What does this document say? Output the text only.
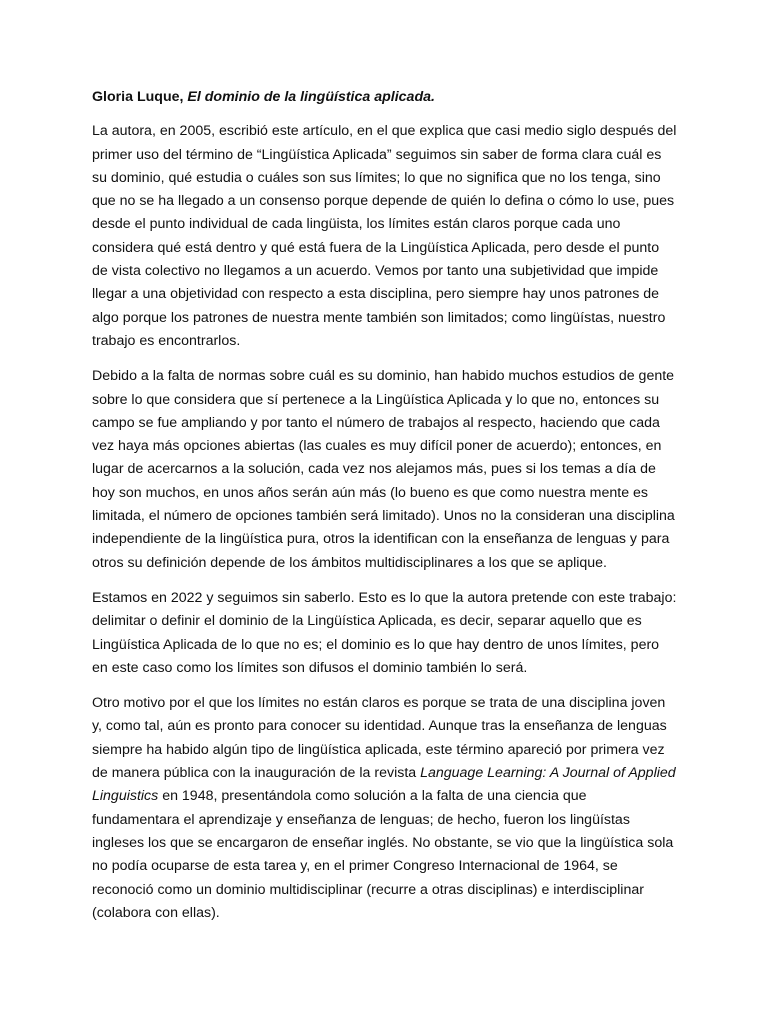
Gloria Luque, El dominio de la lingüística aplicada.

La autora, en 2005, escribió este artículo, en el que explica que casi medio siglo después del primer uso del término de “Lingüística Aplicada” seguimos sin saber de forma clara cuál es su dominio, qué estudia o cuáles son sus límites; lo que no significa que no los tenga, sino que no se ha llegado a un consenso porque depende de quién lo defina o cómo lo use, pues desde el punto individual de cada lingüista, los límites están claros porque cada uno considera qué está dentro y qué está fuera de la Lingüística Aplicada, pero desde el punto de vista colectivo no llegamos a un acuerdo. Vemos por tanto una subjetividad que impide llegar a una objetividad con respecto a esta disciplina, pero siempre hay unos patrones de algo porque los patrones de nuestra mente también son limitados; como lingüístas, nuestro trabajo es encontrarlos.

Debido a la falta de normas sobre cuál es su dominio, han habido muchos estudios de gente sobre lo que considera que sí pertenece a la Lingüística Aplicada y lo que no, entonces su campo se fue ampliando y por tanto el número de trabajos al respecto, haciendo que cada vez haya más opciones abiertas (las cuales es muy difícil poner de acuerdo); entonces, en lugar de acercarnos a la solución, cada vez nos alejamos más, pues si los temas a día de hoy son muchos, en unos años serán aún más (lo bueno es que como nuestra mente es limitada, el número de opciones también será limitado). Unos no la consideran una disciplina independiente de la lingüística pura, otros la identifican con la enseñanza de lenguas y para otros su definición depende de los ámbitos multidisciplinares a los que se aplique.

Estamos en 2022 y seguimos sin saberlo. Esto es lo que la autora pretende con este trabajo: delimitar o definir el dominio de la Lingüística Aplicada, es decir, separar aquello que es Lingüística Aplicada de lo que no es; el dominio es lo que hay dentro de unos límites, pero en este caso como los límites son difusos el dominio también lo será.

Otro motivo por el que los límites no están claros es porque se trata de una disciplina joven y, como tal, aún es pronto para conocer su identidad. Aunque tras la enseñanza de lenguas siempre ha habido algún tipo de lingüística aplicada, este término apareció por primera vez de manera pública con la inauguración de la revista Language Learning: A Journal of Applied Linguistics en 1948, presentándola como solución a la falta de una ciencia que fundamentara el aprendizaje y enseñanza de lenguas; de hecho, fueron los lingüístas ingleses los que se encargaron de enseñar inglés. No obstante, se vio que la lingüística sola no podía ocuparse de esta tarea y, en el primer Congreso Internacional de 1964, se reconoció como un dominio multidisciplinar (recurre a otras disciplinas) e interdisciplinar (colabora con ellas).
